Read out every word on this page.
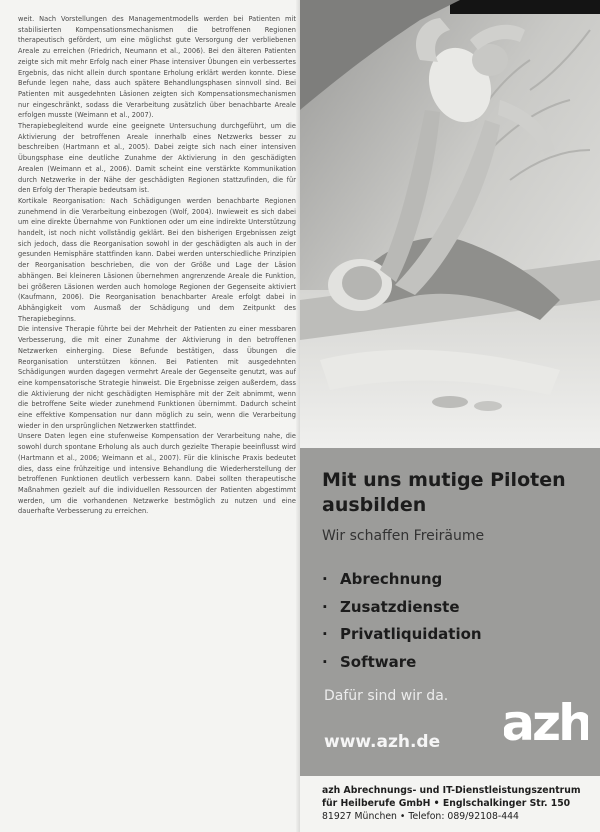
weit. Nach Vorstellungen des Managementmodells werden bei Patienten mit stabilisierten Kompensationsmechanismen die betroffenen Regionen therapeutisch gefördert, um eine möglichst gute Versorgung der verbliebenen Areale zu erreichen (Friedrich, Neumann et al., 2006). Bei den älteren Patienten zeigte sich mit mehr Erfolg nach einer Phase intensiver Übungen ein verbessertes Ergebnis, das nicht allein durch spontane Erholung erklärt werden konnte. Diese Befunde legen nahe, dass auch spätere Behandlungsphasen sinnvoll sind. Bei Patienten mit ausgedehnten Läsionen zeigten sich Kompensationsmechanismen nur eingeschränkt, sodass die Verarbeitung zusätzlich über benachbarte Areale erfolgen musste (Weimann et al., 2007).

Therapiebegleitend wurde eine geeignete Untersuchung durchgeführt, um die Aktivierung der betroffenen Areale innerhalb eines Netzwerks besser zu beschreiben (Hartmann et al., 2005). Dabei zeigte sich nach einer intensiven Übungsphase eine deutliche Zunahme der Aktivierung in den geschädigten Arealen (Weimann et al., 2006). Damit scheint eine verstärkte Kommunikation durch Netzwerke in der Nähe der geschädigten Regionen stattzufinden, die für den Erfolg der Therapie bedeutsam ist.

Kortikale Reorganisation: Nach Schädigungen werden benachbarte Regionen zunehmend in die Verarbeitung einbezogen (Wolf, 2004). Inwieweit es sich dabei um eine direkte Übernahme von Funktionen oder um eine indirekte Unterstützung handelt, ist noch nicht vollständig geklärt. Bei den bisherigen Ergebnissen zeigt sich jedoch, dass die Reorganisation sowohl in der geschädigten als auch in der gesunden Hemisphäre stattfinden kann. Dabei werden unterschiedliche Prinzipien der Reorganisation beschrieben, die von der Größe und Lage der Läsion abhängen. Bei kleineren Läsionen übernehmen angrenzende Areale die Funktion, bei größeren Läsionen werden auch homologe Regionen der Gegenseite aktiviert (Kaufmann, 2006). Die Reorganisation benachbarter Areale erfolgt dabei in Abhängigkeit vom Ausmaß der Schädigung und dem Zeitpunkt des Therapiebeginns.

Die intensive Therapie führte bei der Mehrheit der Patienten zu einer messbaren Verbesserung, die mit einer Zunahme der Aktivierung in den betroffenen Netzwerken einherging. Diese Befunde bestätigen, dass Übungen die Reorganisation unterstützen können. Bei Patienten mit ausgedehnten Schädigungen wurden dagegen vermehrt Areale der Gegenseite genutzt, was auf eine kompensatorische Strategie hinweist. Die Ergebnisse zeigen außerdem, dass die Aktivierung der nicht geschädigten Hemisphäre mit der Zeit abnimmt, wenn die betroffene Seite wieder zunehmend Funktionen übernimmt. Dadurch scheint eine effektive Kompensation nur dann möglich zu sein, wenn die Verarbeitung wieder in den ursprünglichen Netzwerken stattfindet.

Unsere Daten legen eine stufenweise Kompensation der Verarbeitung nahe, die sowohl durch spontane Erholung als auch durch gezielte Therapie beeinflusst wird (Hartmann et al., 2006; Weimann et al., 2007). Für die klinische Praxis bedeutet dies, dass eine frühzeitige und intensive Behandlung die Wiederherstellung der betroffenen Funktionen deutlich verbessern kann. Dabei sollten therapeutische Maßnahmen gezielt auf die individuellen Ressourcen der Patienten abgestimmt werden, um die vorhandenen Netzwerke bestmöglich zu nutzen und eine dauerhafte Verbesserung zu erreichen.

Mit uns mutige Piloten ausbilden

Wir schaffen Freiräume

· Abrechnung
· Zusatzdienste
· Privatliquidation
· Software

Dafür sind wir da.

www.azh.de azh

azh Abrechnungs- und IT-Dienstleistungszentrum

für Heilberufe GmbH • Englschalkinger Str. 150

81927 München • Telefon: 089/92108-444
